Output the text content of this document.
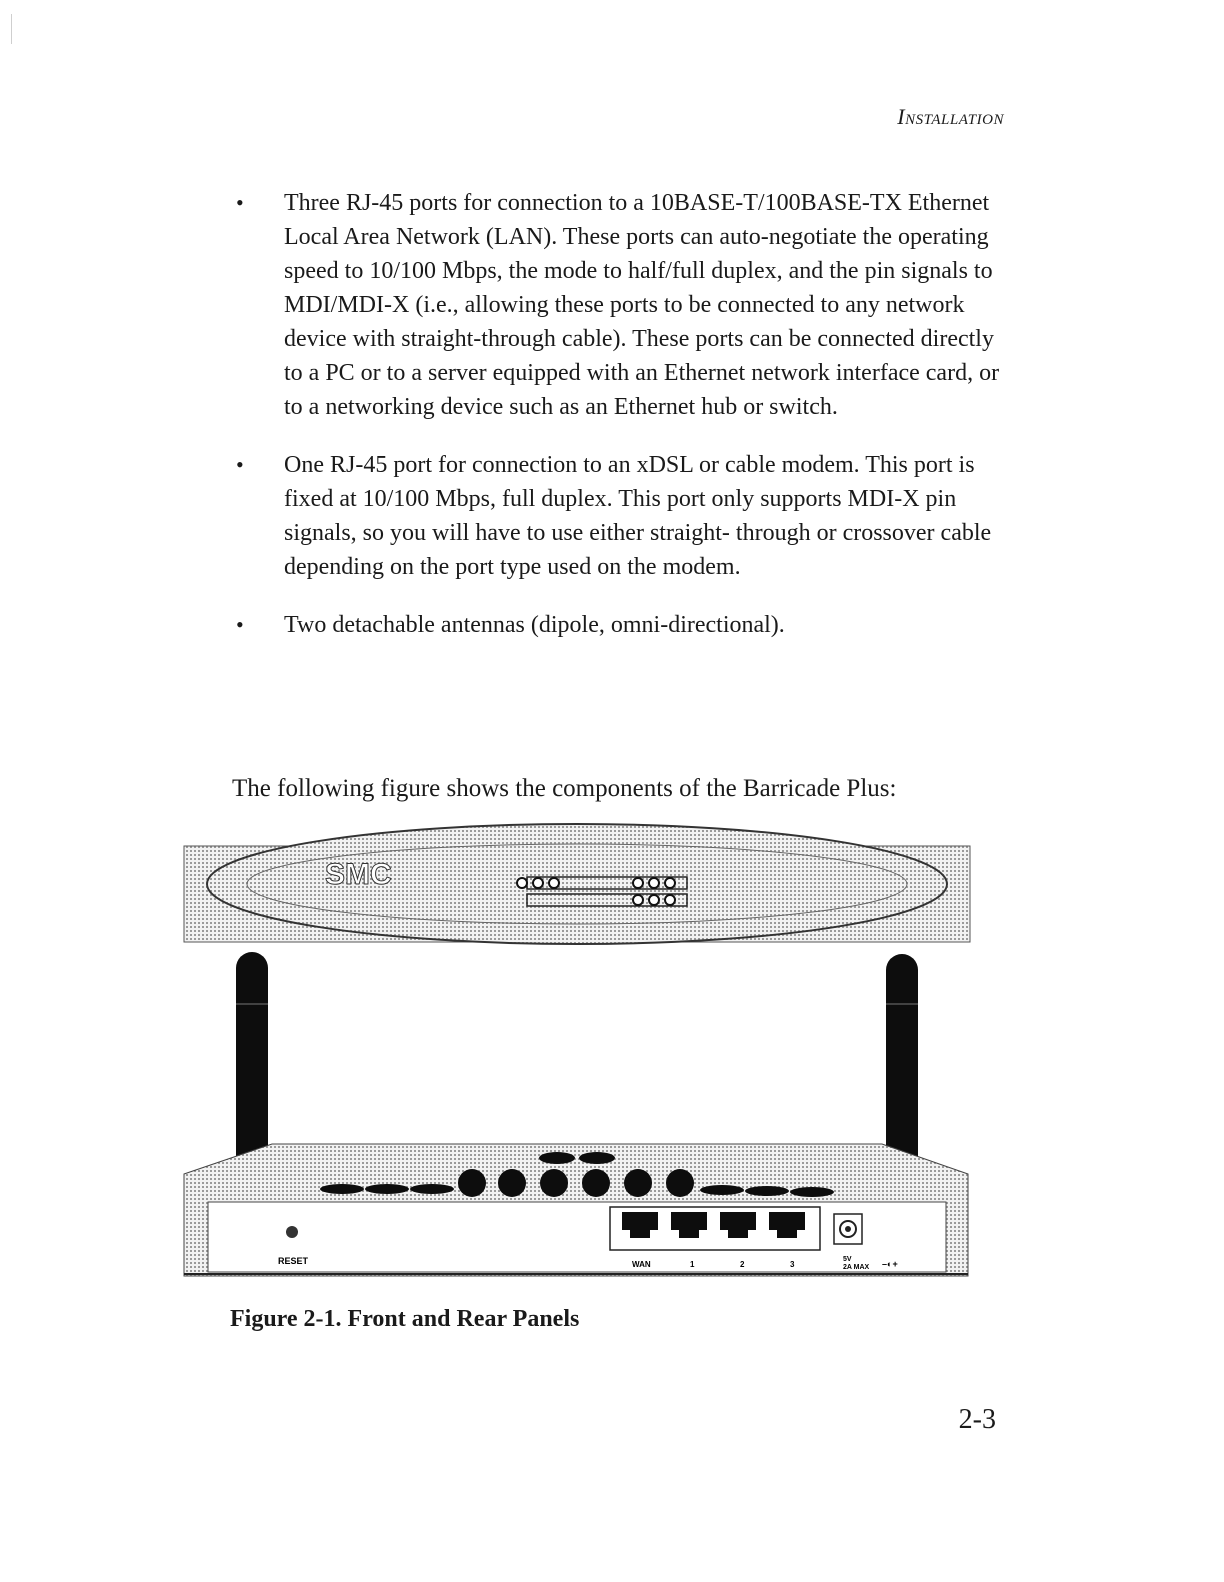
Installation
• Three RJ-45 ports for connection to a 10BASE-T/100BASE-TX Ethernet Local Area Network (LAN). These ports can auto-negotiate the operating speed to 10/100 Mbps, the mode to half/full duplex, and the pin signals to MDI/MDI-X (i.e., allowing these ports to be connected to any network device with straight-through cable). These ports can be connected directly to a PC or to a server equipped with an Ethernet network interface card, or to a networking device such as an Ethernet hub or switch.
• One RJ-45 port for connection to an xDSL or cable modem. This port is fixed at 10/100 Mbps, full duplex. This port only supports MDI-X pin signals, so you will have to use either straight- through or crossover cable depending on the port type used on the modem.
• Two detachable antennas (dipole, omni-directional).

The following figure shows the components of the Barricade Plus:

SMC
RESET	WAN	1	2	3
5V
2A MAX –◐+
Figure 2-1. Front and Rear Panels
2-3
